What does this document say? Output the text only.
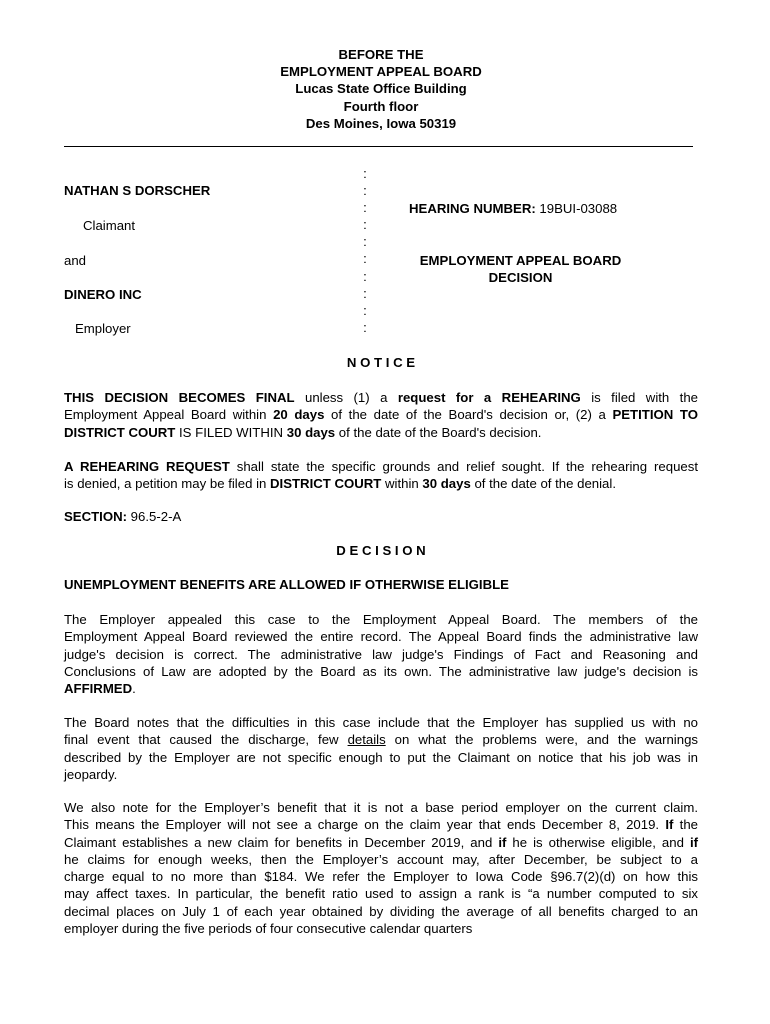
BEFORE THE
EMPLOYMENT APPEAL BOARD
Lucas State Office Building
Fourth floor
Des Moines, Iowa 50319
NATHAN S DORSCHER
Claimant
and
DINERO INC
Employer
:
:
:
:
:
:
:
:
:
:
HEARING NUMBER: 19BUI-03088
EMPLOYMENT APPEAL BOARD
DECISION
N O T I C E
THIS DECISION BECOMES FINAL unless (1) a request for a REHEARING is filed with the
Employment Appeal Board within 20 days of the date of the Board's decision or, (2) a PETITION TO
DISTRICT COURT IS FILED WITHIN 30 days of the date of the Board's decision.
A REHEARING REQUEST shall state the specific grounds and relief sought. If the rehearing request
is denied, a petition may be filed in DISTRICT COURT within 30 days of the date of the denial.
SECTION: 96.5-2-A
D E C I S I O N
UNEMPLOYMENT BENEFITS ARE ALLOWED IF OTHERWISE ELIGIBLE
The Employer appealed this case to the Employment Appeal Board. The members of the
Employment Appeal Board reviewed the entire record. The Appeal Board finds the administrative law
judge's decision is correct. The administrative law judge's Findings of Fact and Reasoning and
Conclusions of Law are adopted by the Board as its own. The administrative law judge's decision is
AFFIRMED.
The Board notes that the difficulties in this case include that the Employer has supplied us with no
final event that caused the discharge, few details on what the problems were, and the warnings
described by the Employer are not specific enough to put the Claimant on notice that his job was in
jeopardy.
We also note for the Employer’s benefit that it is not a base period employer on the current claim.
This means the Employer will not see a charge on the claim year that ends December 8, 2019. If the
Claimant establishes a new claim for benefits in December 2019, and if he is otherwise eligible, and if
he claims for enough weeks, then the Employer’s account may, after December, be subject to a
charge equal to no more than $184. We refer the Employer to Iowa Code §96.7(2)(d) on how this
may affect taxes. In particular, the benefit ratio used to assign a rank is “a number computed to six
decimal places on July 1 of each year obtained by dividing the average of all benefits charged to an
employer during the five periods of four consecutive calendar quarters
